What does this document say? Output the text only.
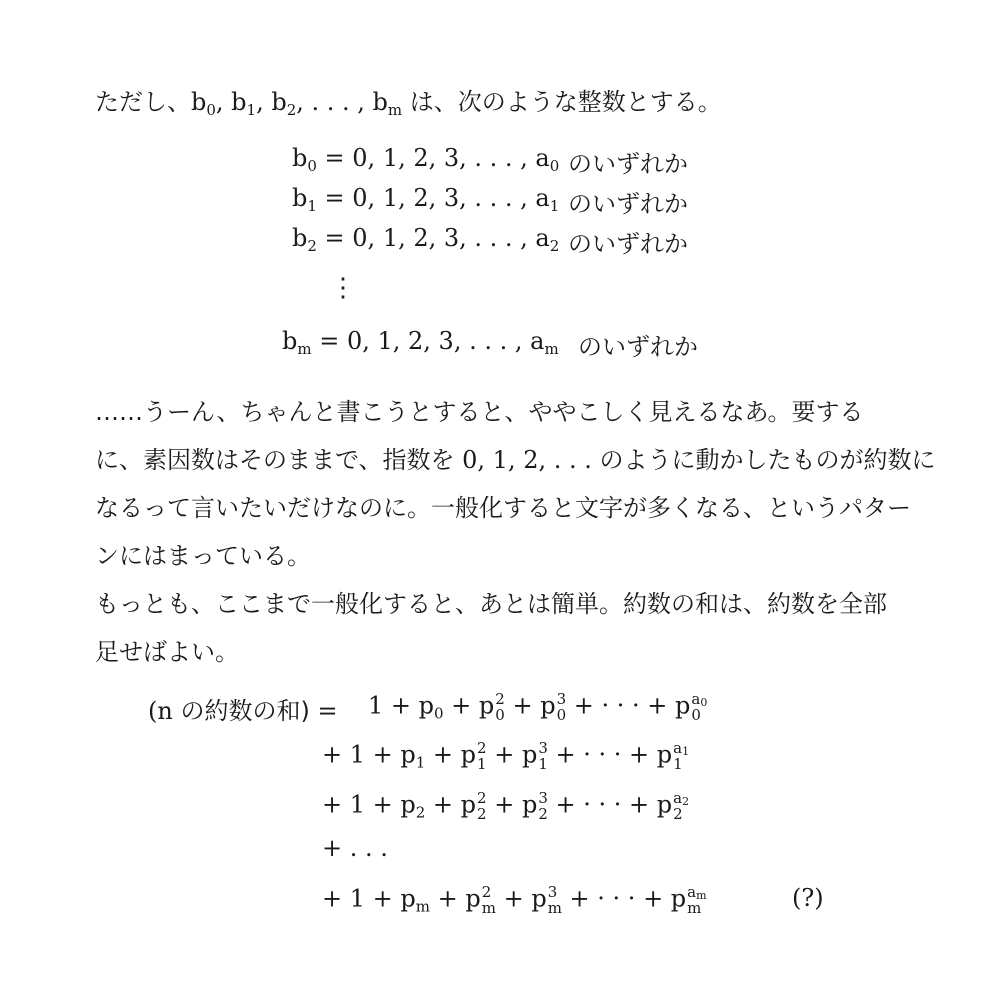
ただし、$b_0$, $b_1$, $b_2$, . . . , $b_m$ は、次のような整数とする。
$b_0 = 0$, 1, 2, 3, . . . , $a_0$ のいずれか
$b_1 = 0$, 1, 2, 3, . . . , $a_1$ のいずれか
$b_2 = 0$, 1, 2, 3, . . . , $a_2$ のいずれか
⋮
$b_m = 0$, 1, 2, 3, . . . , $a_m$ のいずれか
……うーん、ちゃんと書こうとすると、ややこしく見えるなあ。要する
に、素因数はそのままで、指数を 0, 1, 2, . . . のように動かしたものが約数に
なるって言いたいだけなのに。一般化すると文字が多くなる、というパター
ンにはまっている。
もっとも、ここまで一般化すると、あとは簡単。約数の和は、約数を全部
足せばよい。
(n の約数の和) = $1 + p_0 + p$ 2
0 + p 3
0 + · · · + p $a_0$
0
+ $1 + p_1 + p$ 2
1 + p 3
1 + · · · + p $a_1$
1
+ $1 + p_2 + p$ 2
2 + p 3
2 + · · · + p $a_2$
2
+ . . .
+ $1 + p_m + p$ 2
m + p 3
m + · · · + p $a_m$
m	(?)
